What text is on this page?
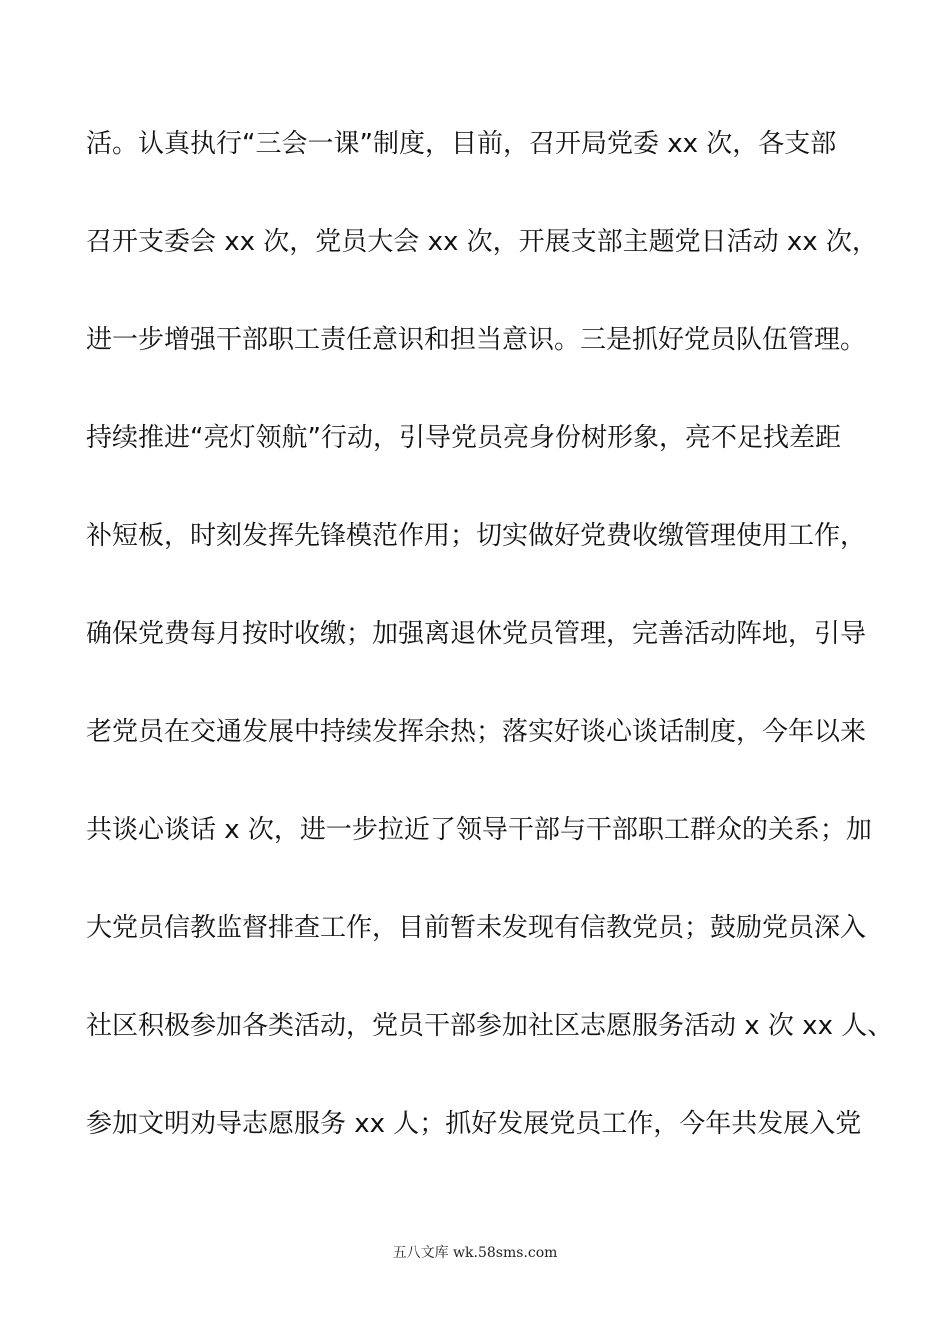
活。认真执行“三会一课”制度，目前，召开局党委 xx 次，各支部
召开支委会 xx 次，党员大会 xx 次，开展支部主题党日活动 xx 次，
进一步增强干部职工责任意识和担当意识。三是抓好党员队伍管理。
持续推进“亮灯领航”行动，引导党员亮身份树形象，亮不足找差距
补短板，时刻发挥先锋模范作用；切实做好党费收缴管理使用工作，
确保党费每月按时收缴；加强离退休党员管理，完善活动阵地，引导
老党员在交通发展中持续发挥余热；落实好谈心谈话制度，今年以来
共谈心谈话 x 次，进一步拉近了领导干部与干部职工群众的关系；加
大党员信教监督排查工作，目前暂未发现有信教党员；鼓励党员深入
社区积极参加各类活动，党员干部参加社区志愿服务活动 x 次 xx 人、
参加文明劝导志愿服务 xx 人；抓好发展党员工作，今年共发展入党
五八文库 wk.58sms.com
